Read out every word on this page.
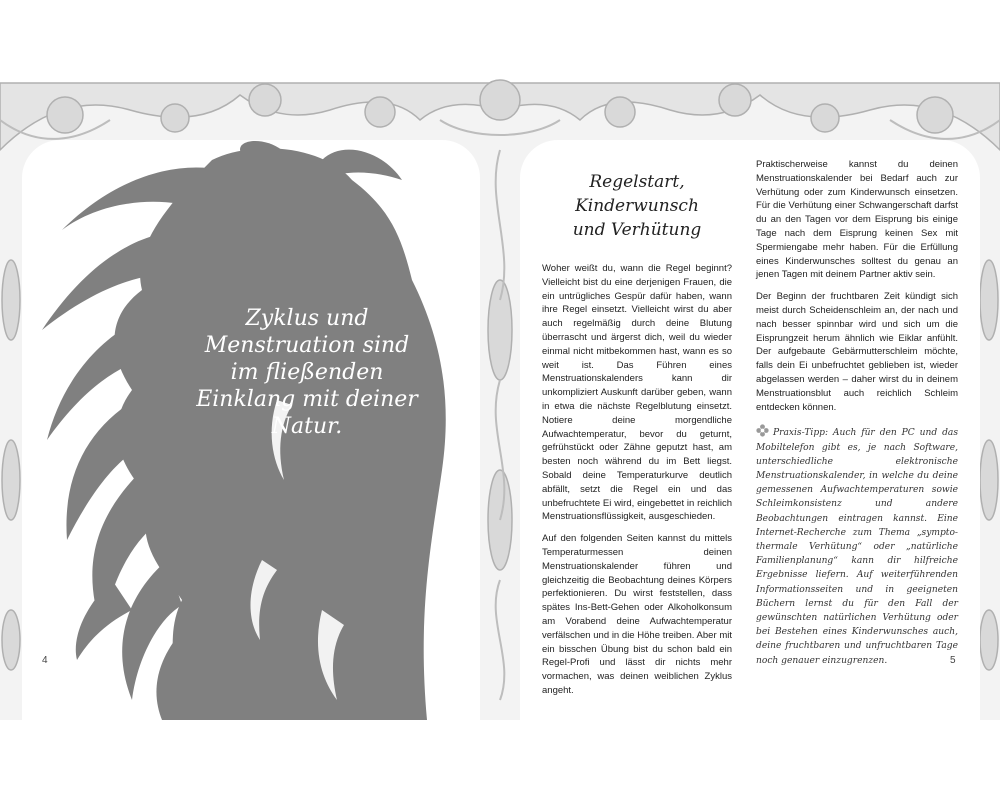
Zyklus und Menstruation sind im fließenden Einklang mit deiner Natur.
Regelstart, Kinderwunsch und Verhütung

Woher weißt du, wann die Regel beginnt? Vielleicht bist du eine derjenigen Frauen, die ein untrügliches Gespür dafür haben, wann ihre Regel einsetzt. Vielleicht wirst du aber auch regelmäßig durch deine Blutung überrascht und ärgerst dich, weil du wieder einmal nicht mitbekommen hast, wann es so weit ist. Das Führen eines Menstruationskalenders kann dir unkompliziert Auskunft darüber geben, wann in etwa die nächste Regelblutung einsetzt. Notiere deine morgendliche Aufwachtemperatur, bevor du geturnt, gefrühstückt oder Zähne geputzt hast, am besten noch während du im Bett liegst. Sobald deine Temperaturkurve deutlich abfällt, setzt die Regel ein und das unbefruchtete Ei wird, eingebettet in reichlich Menstruationsflüssigkeit, ausgeschieden.

Auf den folgenden Seiten kannst du mittels Temperaturmessen deinen Menstruationskalender führen und gleichzeitig die Beobachtung deines Körpers perfektionieren. Du wirst feststellen, dass spätes Ins-Bett-Gehen oder Alkoholkonsum am Vorabend deine Aufwachtemperatur verfälschen und in die Höhe treiben. Aber mit ein bisschen Übung bist du schon bald ein Regel-Profi und lässt dir nichts mehr vormachen, was deinen weiblichen Zyklus angeht.

Praktischerweise kannst du deinen Menstruationskalender bei Bedarf auch zur Verhütung oder zum Kinderwunsch einsetzen. Für die Verhütung einer Schwangerschaft darfst du an den Tagen vor dem Eisprung bis einige Tage nach dem Eisprung keinen Sex mit Spermiengabe mehr haben. Für die Erfüllung eines Kinderwunsches solltest du genau an jenen Tagen mit deinem Partner aktiv sein.

Der Beginn der fruchtbaren Zeit kündigt sich meist durch Scheidenschleim an, der nach und nach besser spinnbar wird und sich um die Eisprungzeit herum ähnlich wie Eiklar anfühlt. Der aufgebaute Gebärmutterschleim möchte, falls dein Ei unbefruchtet geblieben ist, wieder abgelassen werden – daher wirst du in deinem Menstruationsblut auch reichlich Schleim entdecken können.

Praxis-Tipp: Auch für den PC und das Mobiltelefon gibt es, je nach Software, unterschiedliche elektronische Menstruationskalender, in welche du deine gemessenen Aufwachtemperaturen sowie Schleimkonsistenz und andere Beobachtungen eintragen kannst. Eine Internet-Recherche zum Thema „sympto-thermale Verhütung“ oder „natürliche Familienplanung“ kann dir hilfreiche Ergebnisse liefern. Auf weiterführenden Informationsseiten und in geeigneten Büchern lernst du für den Fall der gewünschten natürlichen Verhütung oder bei Bestehen eines Kinderwunsches auch, deine fruchtbaren und unfruchtbaren Tage noch genauer einzugrenzen.

4	5
